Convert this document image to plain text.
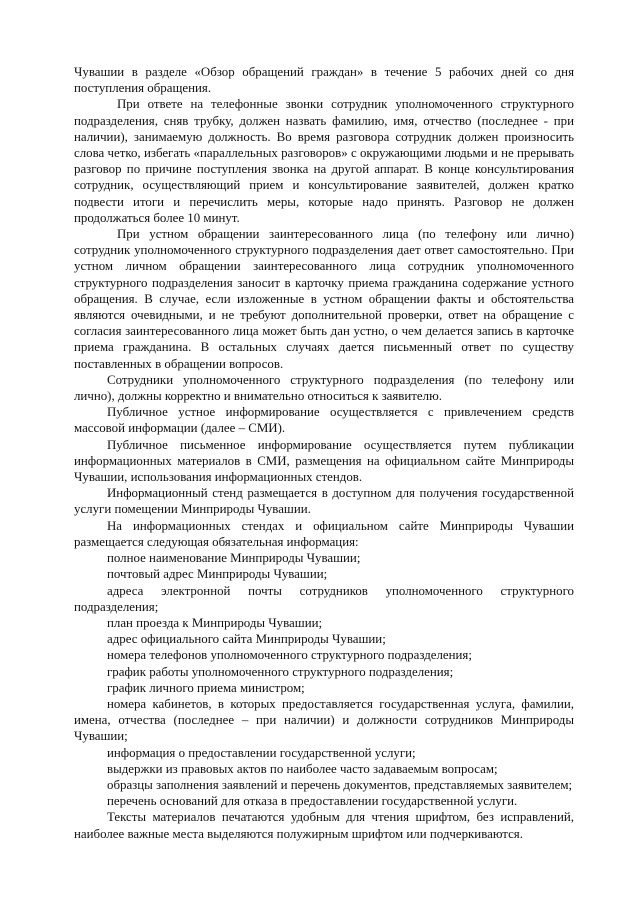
Чувашии в разделе «Обзор обращений граждан» в течение 5 рабочих дней со дня поступления обращения.

При ответе на телефонные звонки сотрудник уполномоченного структурного подразделения, сняв трубку, должен назвать фамилию, имя, отчество (последнее - при наличии), занимаемую должность. Во время разговора сотрудник должен произносить слова четко, избегать «параллельных разговоров» с окружающими людьми и не прерывать разговор по причине поступления звонка на другой аппарат. В конце консультирования сотрудник, осуществляющий прием и консультирование заявителей, должен кратко подвести итоги и перечислить меры, которые надо принять. Разговор не должен продолжаться более 10 минут.

При устном обращении заинтересованного лица (по телефону или лично) сотрудник уполномоченного структурного подразделения дает ответ самостоятельно. При устном личном обращении заинтересованного лица сотрудник уполномоченного структурного подразделения заносит в карточку приема гражданина содержание устного обращения. В случае, если изложенные в устном обращении факты и обстоятельства являются очевидными, и не требуют дополнительной проверки, ответ на обращение с согласия заинтересованного лица может быть дан устно, о чем делается запись в карточке приема гражданина. В остальных случаях дается письменный ответ по существу поставленных в обращении вопросов.

Сотрудники уполномоченного структурного подразделения (по телефону или лично), должны корректно и внимательно относиться к заявителю.

Публичное устное информирование осуществляется с привлечением средств массовой информации (далее – СМИ).

Публичное письменное информирование осуществляется путем публикации информационных материалов в СМИ, размещения на официальном сайте Минприроды Чувашии, использования информационных стендов.

Информационный стенд размещается в доступном для получения государственной услуги помещении Минприроды Чувашии.

На информационных стендах и официальном сайте Минприроды Чувашии размещается следующая обязательная информация:

полное наименование Минприроды Чувашии;

почтовый адрес Минприроды Чувашии;

адреса электронной почты сотрудников уполномоченного структурного подразделения;

план проезда к Минприроды Чувашии;

адрес официального сайта Минприроды Чувашии;

номера телефонов уполномоченного структурного подразделения;

график работы уполномоченного структурного подразделения;

график личного приема министром;

номера кабинетов, в которых предоставляется государственная услуга, фамилии, имена, отчества (последнее – при наличии) и должности сотрудников Минприроды Чувашии;

информация о предоставлении государственной услуги;

выдержки из правовых актов по наиболее часто задаваемым вопросам;

образцы заполнения заявлений и перечень документов, представляемых заявителем;

перечень оснований для отказа в предоставлении государственной услуги.

Тексты материалов печатаются удобным для чтения шрифтом, без исправлений, наиболее важные места выделяются полужирным шрифтом или подчеркиваются.
